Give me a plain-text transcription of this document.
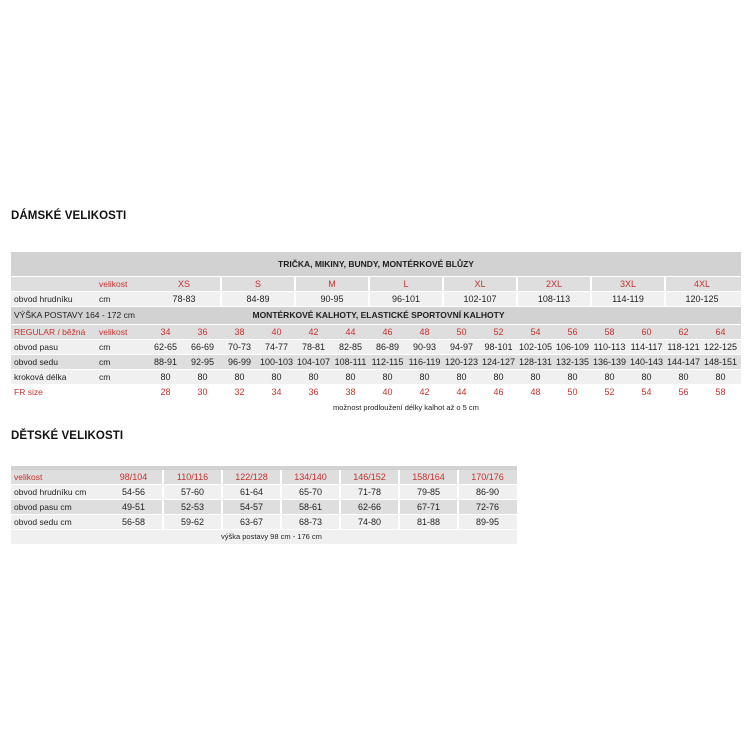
DÁMSKÉ VELIKOSTI
TRIČKA, MIKINY, BUNDY, MONTÉRKOVÉ BLŮZY
velikost	XS	S	M	L	XL	2XL	3XL	4XL
obvod hrudníku	cm	78-83	84-89	90-95	96-101	102-107	108-113	114-119	120-125
VÝŠKA POSTAVY 164 - 172 cm	MONTÉRKOVÉ KALHOTY, ELASTICKÉ SPORTOVNÍ KALHOTY
REGULAR / běžná velikost	34	36	38	40	42	44	46	48	50	52	54	56	58	60	62	64
obvod pasu	cm	62-65	66-69	70-73	74-77	78-81	82-85	86-89	90-93	94-97	98-101 102-105 106-109 110-113 114-117 118-121 122-125
obvod sedu	cm	88-91	92-95	96-99 100-103 104-107 108-111 112-115 116-119 120-123 124-127 128-131 132-135 136-139 140-143 144-147 148-151
kroková délka	cm	80	80	80	80	80	80	80	80	80	80	80	80	80	80	80	80
FR size	28	30	32	34	36	38	40	42	44	46	48	50	52	54	56	58
možnost prodloužení délky kalhot až o 5 cm
DĚTSKÉ VELIKOSTI
velikost	98/104	110/116	122/128	134/140	146/152	158/164	170/176
obvod hrudníku cm	54-56	57-60	61-64	65-70	71-78	79-85	86-90
obvod pasu cm	49-51	52-53	54-57	58-61	62-66	67-71	72-76
obvod sedu cm	56-58	59-62	63-67	68-73	74-80	81-88	89-95
výška postavy 98 cm - 176 cm
